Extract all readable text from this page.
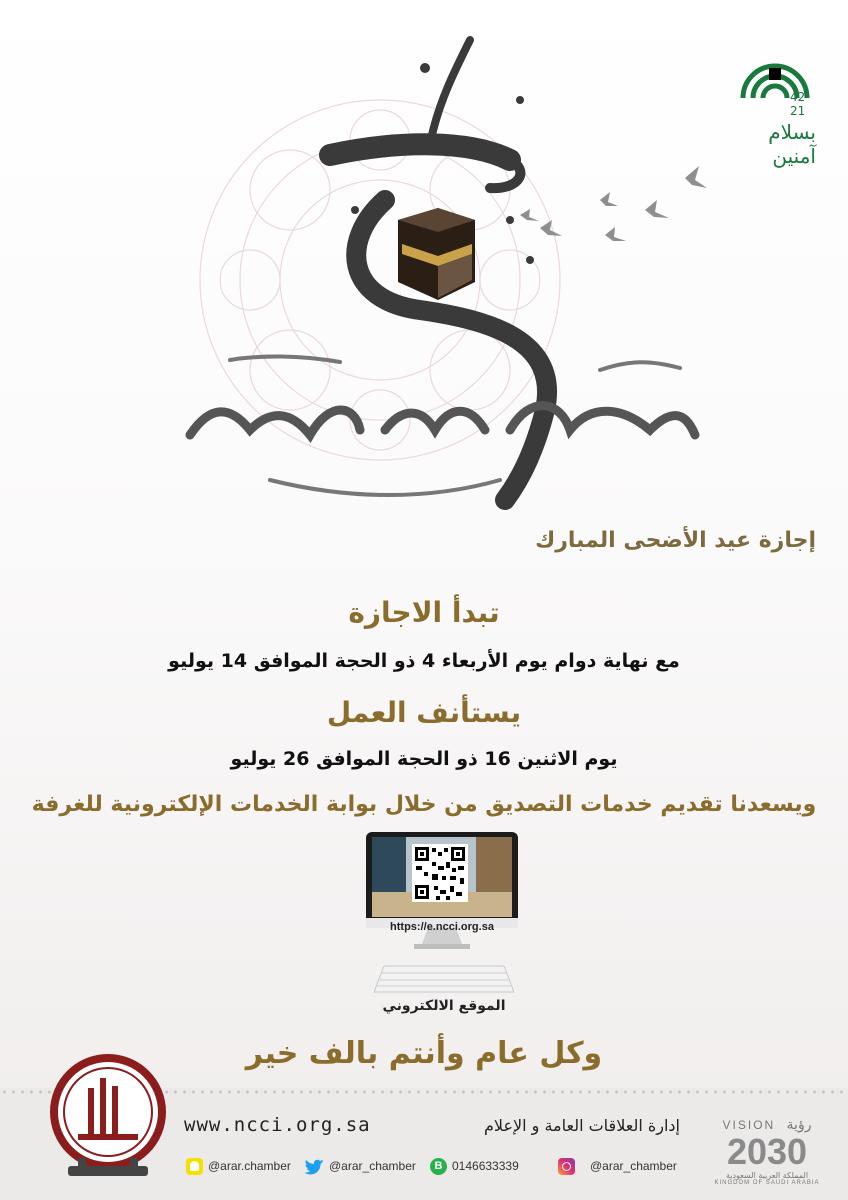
42
21
بسلام
آمنين
إجازة عيد الأضحى المبارك
تبدأ الاجازة
مع نهاية دوام يوم الأربعاء 4 ذو الحجة الموافق 14 يوليو
يستأنف العمل
يوم الاثنين 16 ذو الحجة الموافق 26 يوليو
ويسعدنا تقديم خدمات التصديق من خلال بوابة الخدمات الإلكترونية للغرفة
https://e.ncci.org.sa
الموقع الالكتروني
وكل عام وأنتم بالف خير
www.ncci.org.sa	إدارة العلاقات العامة و الإعلام	VISION رؤية
2030
المملكة العربية السعودية
KINGDOM OF SAUDI ARABIA
@arar.chamber	@arar_chamber	B 0146633339	@arar_chamber
